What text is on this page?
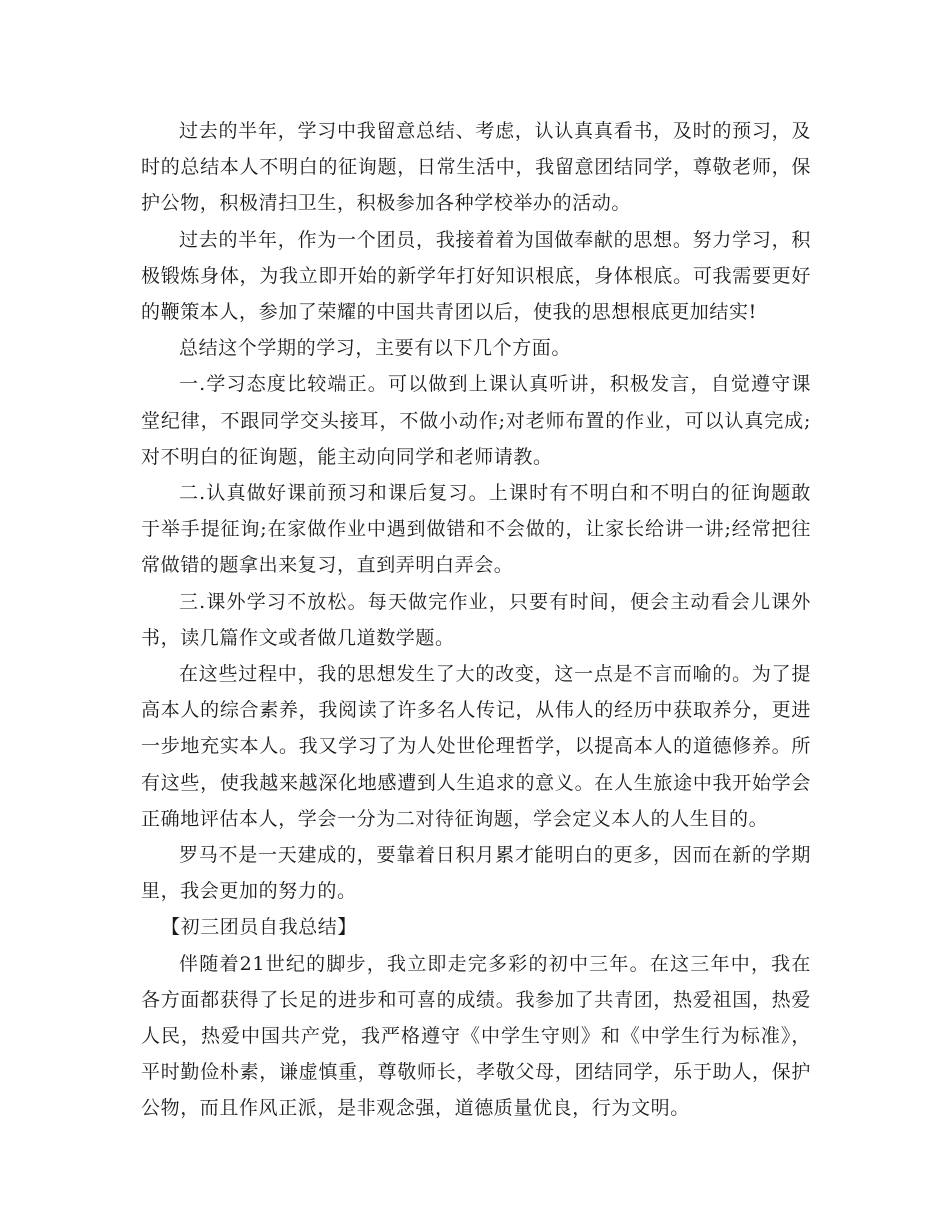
过去的半年，学习中我留意总结、考虑，认认真真看书，及时的预习，及时的总结本人不明白的征询题，日常生活中，我留意团结同学，尊敬老师，保护公物，积极清扫卫生，积极参加各种学校举办的活动。

过去的半年，作为一个团员，我接着着为国做奉献的思想。努力学习，积极锻炼身体，为我立即开始的新学年打好知识根底，身体根底。可我需要更好的鞭策本人，参加了荣耀的中国共青团以后，使我的思想根底更加结实!

总结这个学期的学习，主要有以下几个方面。

一.学习态度比较端正。可以做到上课认真听讲，积极发言，自觉遵守课堂纪律，不跟同学交头接耳，不做小动作;对老师布置的作业，可以认真完成;对不明白的征询题，能主动向同学和老师请教。

二.认真做好课前预习和课后复习。上课时有不明白和不明白的征询题敢于举手提征询;在家做作业中遇到做错和不会做的，让家长给讲一讲;经常把往常做错的题拿出来复习，直到弄明白弄会。

三.课外学习不放松。每天做完作业，只要有时间，便会主动看会儿课外书，读几篇作文或者做几道数学题。

在这些过程中，我的思想发生了大的改变，这一点是不言而喻的。为了提高本人的综合素养，我阅读了许多名人传记，从伟人的经历中获取养分，更进一步地充实本人。我又学习了为人处世伦理哲学，以提高本人的道德修养。所有这些，使我越来越深化地感遭到人生追求的意义。在人生旅途中我开始学会正确地评估本人，学会一分为二对待征询题，学会定义本人的人生目的。

罗马不是一天建成的，要靠着日积月累才能明白的更多，因而在新的学期里，我会更加的努力的。

【初三团员自我总结】

伴随着21世纪的脚步，我立即走完多彩的初中三年。在这三年中，我在各方面都获得了长足的进步和可喜的成绩。我参加了共青团，热爱祖国，热爱人民，热爱中国共产党，我严格遵守《中学生守则》和《中学生行为标准》，平时勤俭朴素，谦虚慎重，尊敬师长，孝敬父母，团结同学，乐于助人，保护公物，而且作风正派，是非观念强，道德质量优良，行为文明。
